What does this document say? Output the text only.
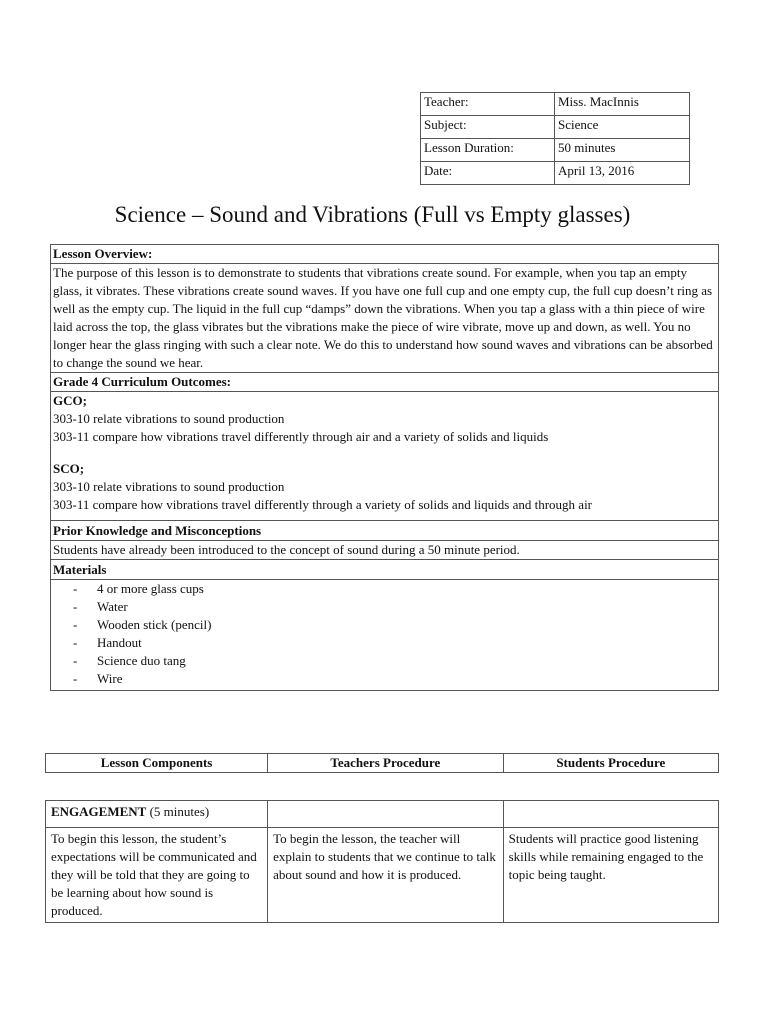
Teacher:	Miss. MacInnis
Subject:	Science
Lesson Duration:	50 minutes
Date:	April 13, 2016
Science – Sound and Vibrations (Full vs Empty glasses)
Lesson Overview:
The purpose of this lesson is to demonstrate to students that vibrations create sound. For example, when you tap an empty glass, it vibrates. These vibrations create sound waves. If you have one full cup and one empty cup, the full cup doesn’t ring as well as the empty cup. The liquid in the full cup “damps” down the vibrations. When you tap a glass with a thin piece of wire laid across the top, the glass vibrates but the vibrations make the piece of wire vibrate, move up and down, as well. You no longer hear the glass ringing with such a clear note. We do this to understand how sound waves and vibrations can be absorbed to change the sound we hear.
Grade 4 Curriculum Outcomes:
GCO;
303-10 relate vibrations to sound production
303-11 compare how vibrations travel differently through air and a variety of solids and liquids
SCO;
303-10 relate vibrations to sound production
303-11 compare how vibrations travel differently through a variety of solids and liquids and through air
Prior Knowledge and Misconceptions
Students have already been introduced to the concept of sound during a 50 minute period.
Materials
-	4 or more glass cups
-	Water
-	Wooden stick (pencil)
-	Handout
-	Science duo tang
-	Wire
Lesson Components	Teachers Procedure	Students Procedure
ENGAGEMENT (5 minutes)		
To begin this lesson, the student’s expectations will be communicated and they will be told that they are going to be learning about how sound is produced.	To begin the lesson, the teacher will explain to students that we continue to talk about sound and how it is produced.	Students will practice good listening skills while remaining engaged to the topic being taught.
